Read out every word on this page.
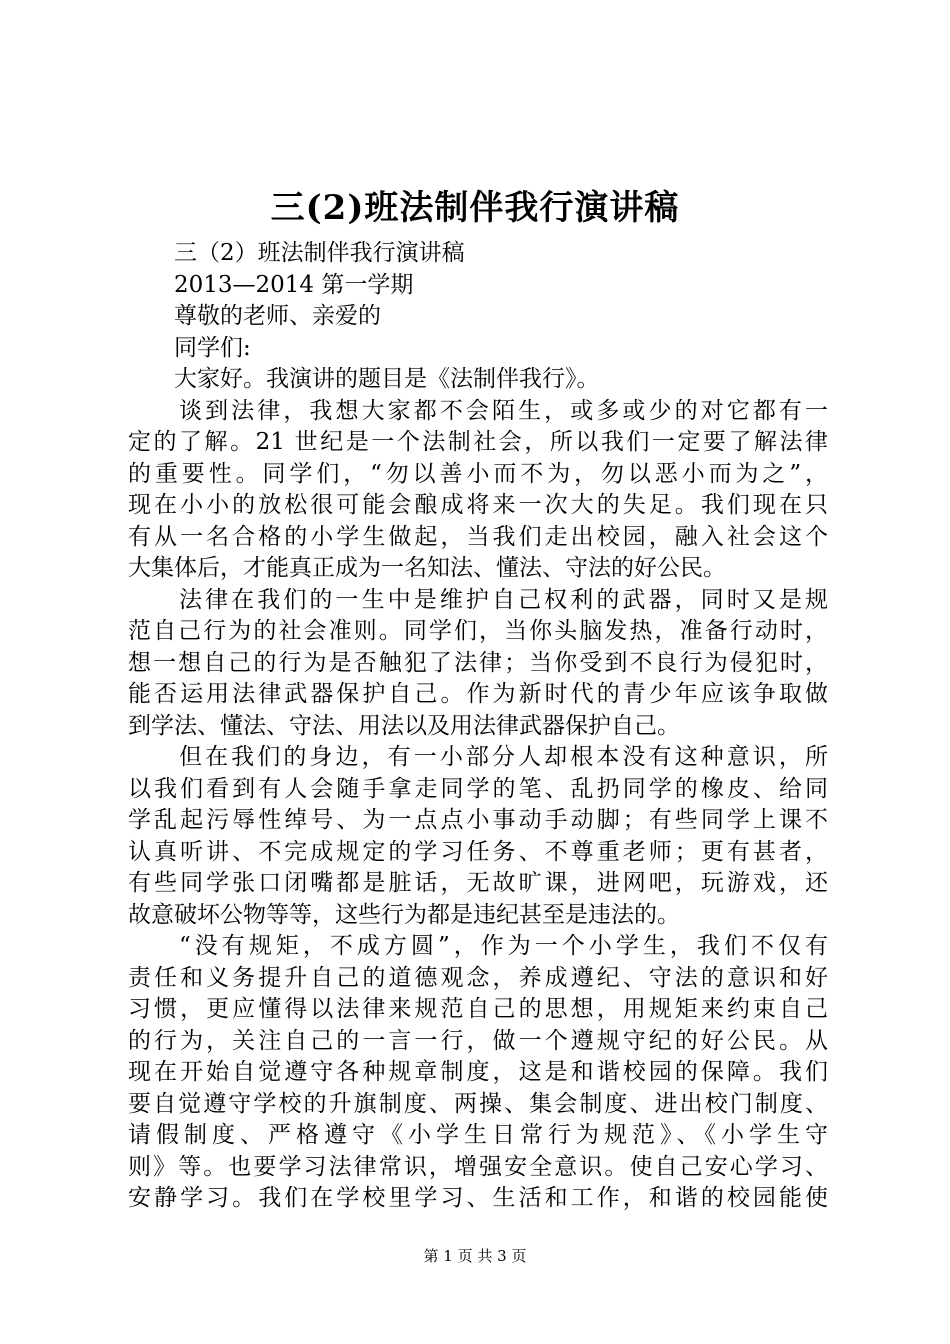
三(2)班法制伴我行演讲稿
三（2）班法制伴我行演讲稿
2013—2014 第一学期
尊敬的老师、亲爱的
同学们:
大家好。我演讲的题目是《法制伴我行》。
谈到法律，我想大家都不会陌生，或多或少的对它都有一
定的了解。21 世纪是一个法制社会，所以我们一定要了解法律
的重要性。同学们，“勿以善小而不为，勿以恶小而为之”，
现在小小的放松很可能会酿成将来一次大的失足。我们现在只
有从一名合格的小学生做起，当我们走出校园，融入社会这个
大集体后，才能真正成为一名知法、懂法、守法的好公民。
法律在我们的一生中是维护自己权利的武器，同时又是规
范自己行为的社会准则。同学们，当你头脑发热，准备行动时，
想一想自己的行为是否触犯了法律；当你受到不良行为侵犯时，
能否运用法律武器保护自己。作为新时代的青少年应该争取做
到学法、懂法、守法、用法以及用法律武器保护自己。
但在我们的身边，有一小部分人却根本没有这种意识，所
以我们看到有人会随手拿走同学的笔、乱扔同学的橡皮、给同
学乱起污辱性绰号、为一点点小事动手动脚；有些同学上课不
认真听讲、不完成规定的学习任务、不尊重老师；更有甚者，
有些同学张口闭嘴都是脏话，无故旷课，进网吧，玩游戏，还
故意破坏公物等等，这些行为都是违纪甚至是违法的。
“没有规矩，不成方圆”，作为一个小学生，我们不仅有
责任和义务提升自己的道德观念，养成遵纪、守法的意识和好
习惯，更应懂得以法律来规范自己的思想，用规矩来约束自己
的行为，关注自己的一言一行，做一个遵规守纪的好公民。从
现在开始自觉遵守各种规章制度，这是和谐校园的保障。我们
要自觉遵守学校的升旗制度、两操、集会制度、进出校门制度、
请假制度、严格遵守《小学生日常行为规范》、《小学生守
则》等。也要学习法律常识，增强安全意识。使自己安心学习、
安静学习。我们在学校里学习、生活和工作，和谐的校园能使
第 1 页 共 3 页
